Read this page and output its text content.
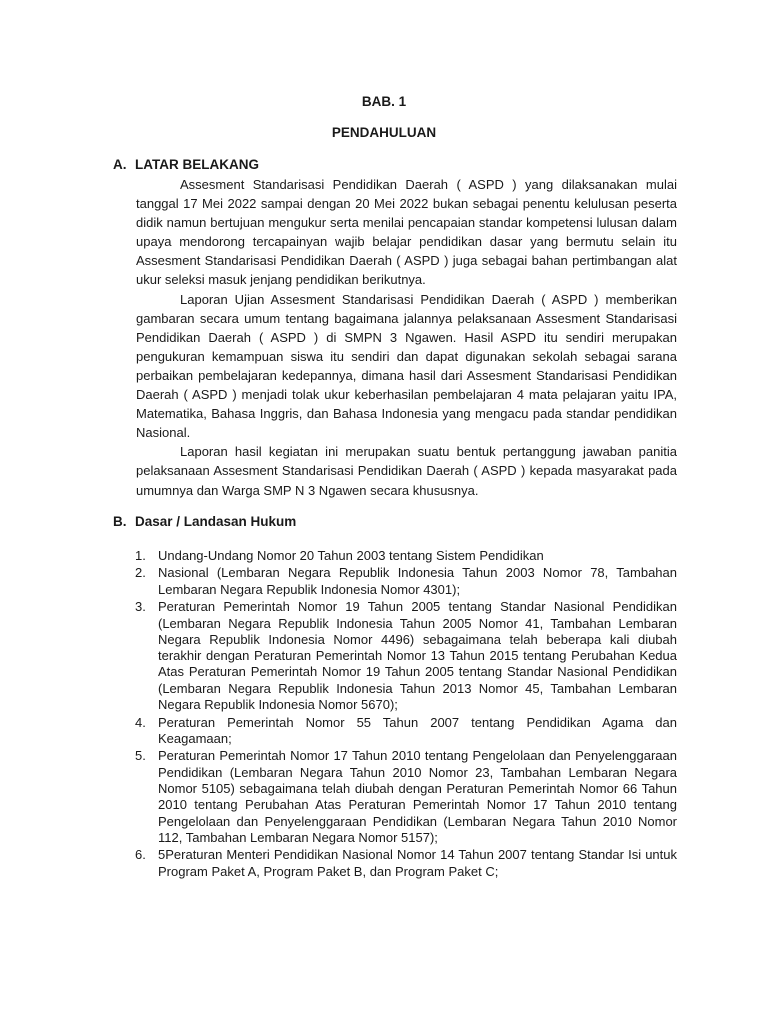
BAB. 1
PENDAHULUAN
A. LATAR BELAKANG

Assesment Standarisasi Pendidikan Daerah ( ASPD ) yang dilaksanakan mulai tanggal 17 Mei 2022 sampai dengan 20 Mei 2022 bukan sebagai penentu kelulusan peserta didik namun bertujuan mengukur serta menilai pencapaian standar kompetensi lulusan dalam upaya mendorong tercapainyan wajib belajar pendidikan dasar yang bermutu selain itu Assesment Standarisasi Pendidikan Daerah ( ASPD ) juga sebagai bahan pertimbangan alat ukur seleksi masuk jenjang pendidikan berikutnya.

Laporan Ujian Assesment Standarisasi Pendidikan Daerah ( ASPD ) memberikan gambaran secara umum tentang bagaimana jalannya pelaksanaan Assesment Standarisasi Pendidikan Daerah ( ASPD ) di SMPN 3 Ngawen. Hasil ASPD itu sendiri merupakan pengukuran kemampuan siswa itu sendiri dan dapat digunakan sekolah sebagai sarana perbaikan pembelajaran kedepannya, dimana hasil dari Assesment Standarisasi Pendidikan Daerah ( ASPD ) menjadi tolak ukur keberhasilan pembelajaran 4 mata pelajaran yaitu IPA, Matematika, Bahasa Inggris, dan Bahasa Indonesia yang mengacu pada standar pendidikan Nasional.

Laporan hasil kegiatan ini merupakan suatu bentuk pertanggung jawaban panitia pelaksanaan Assesment Standarisasi Pendidikan Daerah ( ASPD ) kepada masyarakat pada umumnya dan Warga SMP N 3 Ngawen secara khususnya.

B. Dasar / Landasan Hukum
1. Undang-Undang Nomor 20 Tahun 2003 tentang Sistem Pendidikan
2. Nasional (Lembaran Negara Republik Indonesia Tahun 2003 Nomor 78, Tambahan Lembaran Negara Republik Indonesia Nomor 4301);
3. Peraturan Pemerintah Nomor 19 Tahun 2005 tentang Standar Nasional Pendidikan (Lembaran Negara Republik Indonesia Tahun 2005 Nomor 41, Tambahan Lembaran Negara Republik Indonesia Nomor 4496) sebagaimana telah beberapa kali diubah terakhir dengan Peraturan Pemerintah Nomor 13 Tahun 2015 tentang Perubahan Kedua Atas Peraturan Pemerintah Nomor 19 Tahun 2005 tentang Standar Nasional Pendidikan (Lembaran Negara Republik Indonesia Tahun 2013 Nomor 45, Tambahan Lembaran Negara Republik Indonesia Nomor 5670);
4. Peraturan Pemerintah Nomor 55 Tahun 2007 tentang Pendidikan Agama dan Keagamaan;
5. Peraturan Pemerintah Nomor 17 Tahun 2010 tentang Pengelolaan dan Penyelenggaraan Pendidikan (Lembaran Negara Tahun 2010 Nomor 23, Tambahan Lembaran Negara Nomor 5105) sebagaimana telah diubah dengan Peraturan Pemerintah Nomor 66 Tahun 2010 tentang Perubahan Atas Peraturan Pemerintah Nomor 17 Tahun 2010 tentang Pengelolaan dan Penyelenggaraan Pendidikan (Lembaran Negara Tahun 2010 Nomor 112, Tambahan Lembaran Negara Nomor 5157);
6. 5Peraturan Menteri Pendidikan Nasional Nomor 14 Tahun 2007 tentang Standar Isi untuk Program Paket A, Program Paket B, dan Program Paket C;
